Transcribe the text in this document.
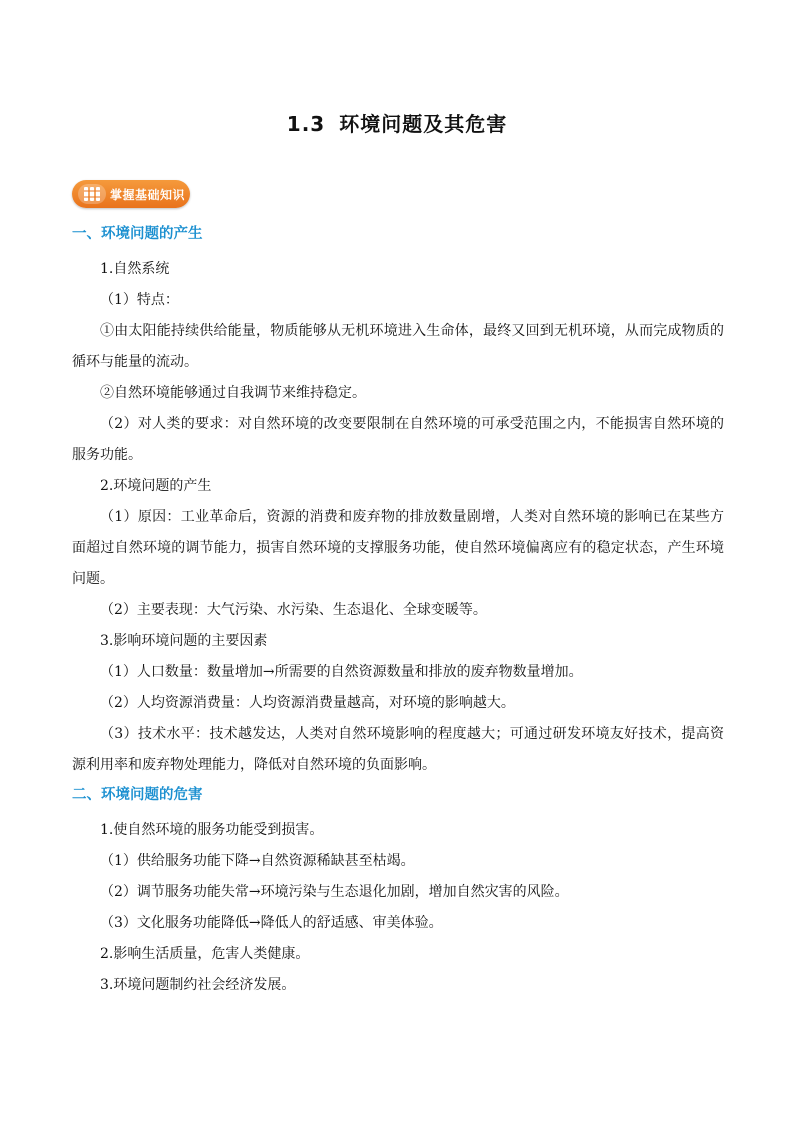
1.3 环境问题及其危害
掌握基础知识
一、环境问题的产生

1.自然系统

（1）特点：

①由太阳能持续供给能量，物质能够从无机环境进入生命体，最终又回到无机环境，从而完成物质的循环与能量的流动。

②自然环境能够通过自我调节来维持稳定。

（2）对人类的要求：对自然环境的改变要限制在自然环境的可承受范围之内，不能损害自然环境的服务功能。

2.环境问题的产生

（1）原因：工业革命后，资源的消费和废弃物的排放数量剧增，人类对自然环境的影响已在某些方面超过自然环境的调节能力，损害自然环境的支撑服务功能，使自然环境偏离应有的稳定状态，产生环境问题。

（2）主要表现：大气污染、水污染、生态退化、全球变暖等。

3.影响环境问题的主要因素

（1）人口数量：数量增加→所需要的自然资源数量和排放的废弃物数量增加。

（2）人均资源消费量：人均资源消费量越高，对环境的影响越大。

（3）技术水平：技术越发达，人类对自然环境影响的程度越大；可通过研发环境友好技术，提高资源利用率和废弃物处理能力，降低对自然环境的负面影响。

二、环境问题的危害

1.使自然环境的服务功能受到损害。

（1）供给服务功能下降→自然资源稀缺甚至枯竭。

（2）调节服务功能失常→环境污染与生态退化加剧，增加自然灾害的风险。

（3）文化服务功能降低→降低人的舒适感、审美体验。

2.影响生活质量，危害人类健康。

3.环境问题制约社会经济发展。
